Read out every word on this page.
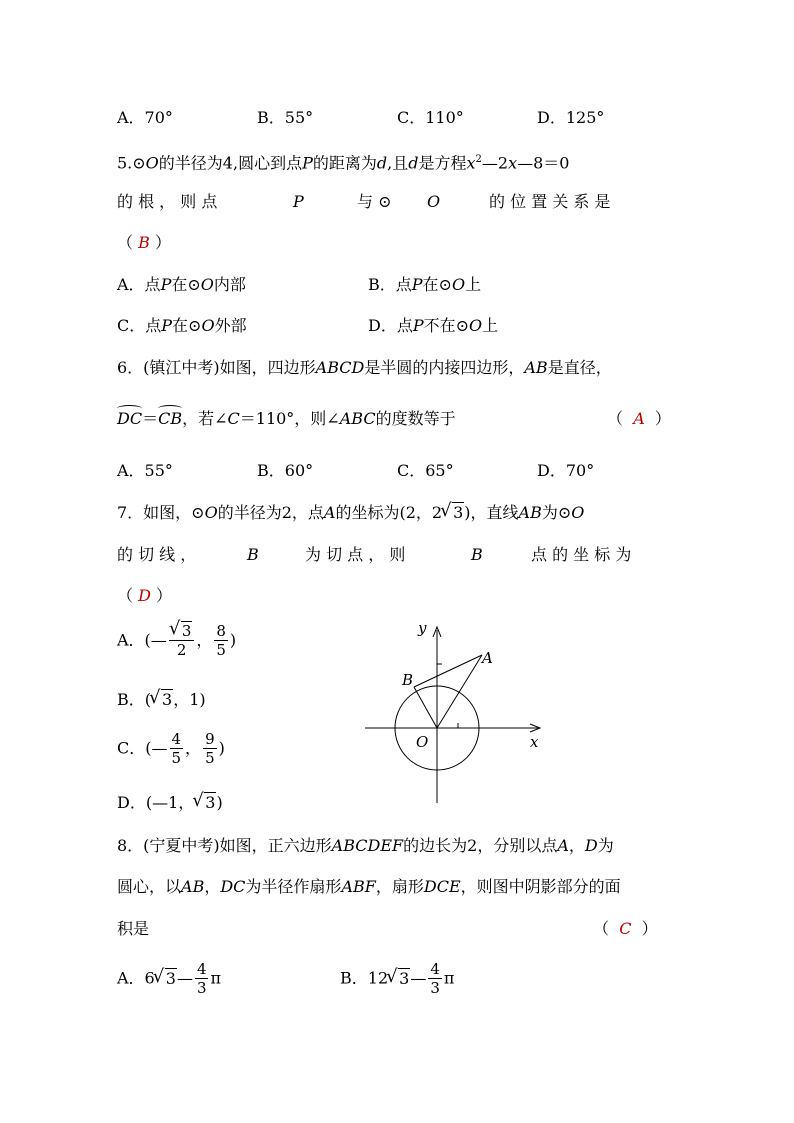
A．70°	B．55°	C．110°	D．125°
5.⊙O的半径为4,圆心到点P的距离为d,且d是方程$x^2—2x—8=0$
的 根 ， 则 点	P	与 ⊙ O	的 位 置 关 系 是
（ B ）
A．点P在⊙O内部	B．点P在⊙O上
C．点P在⊙O外部	D．点P不在⊙O上
6．(镇江中考)如图，四边形ABCD是半圆的内接四边形，AB是直径，
DC＝CB，若∠C＝110°，则∠ABC的度数等于	（ A ）
A．55°	B．60°	C．65°	D．70°
7．如图，⊙O的半径为2，点A的坐标为(2，2 √ 3)，直线AB为⊙O
的 切 线 ，	B	为 切 点 ， 则	B	点 的 坐 标 为
（ D ）
A．(— √ $\frac{3}{2}$ ， $\frac{8}{5}$ )
B．( √ 3，1)
C．(— $\frac{4}{5}$ ， $\frac{9}{5}$ )
D．(—1， √ 3)
y
x
O
A
B
8．(宁夏中考)如图，正六边形ABCDEF的边长为2，分别以点A，D为
圆心，以AB，DC为半径作扇形ABF，扇形DCE，则图中阴影部分的面
积是	（ C ）
A．6 √ 3— $\frac{4}{3}$ π	B．12 √ 3— $\frac{4}{3}$ π
